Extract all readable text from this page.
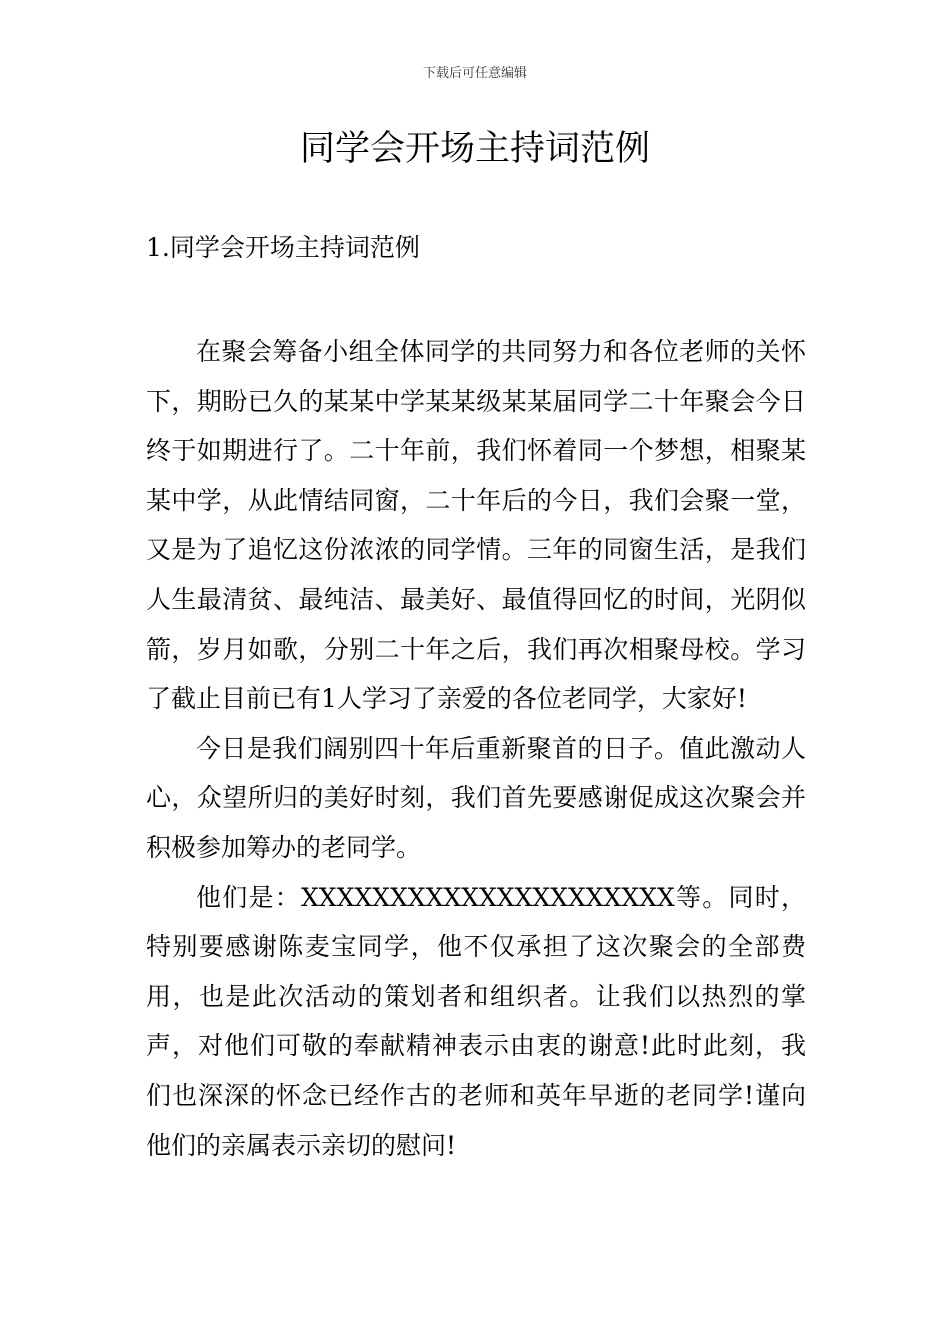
下载后可任意编辑
同学会开场主持词范例
1.同学会开场主持词范例

在聚会筹备小组全体同学的共同努力和各位老师的关怀下，期盼已久的某某中学某某级某某届同学二十年聚会今日终于如期进行了。二十年前，我们怀着同一个梦想，相聚某某中学，从此情结同窗，二十年后的今日，我们会聚一堂，又是为了追忆这份浓浓的同学情。三年的同窗生活，是我们人生最清贫、最纯洁、最美好、最值得回忆的时间，光阴似箭，岁月如歌，分别二十年之后，我们再次相聚母校。学习了截止目前已有1人学习了亲爱的各位老同学，大家好!

今日是我们阔别四十年后重新聚首的日子。值此激动人心，众望所归的美好时刻，我们首先要感谢促成这次聚会并积极参加筹办的老同学。

他们是：XXXXXXXXXXXXXXXXXXXXX等。同时，特别要感谢陈麦宝同学，他不仅承担了这次聚会的全部费用，也是此次活动的策划者和组织者。让我们以热烈的掌声，对他们可敬的奉献精神表示由衷的谢意!此时此刻，我们也深深的怀念已经作古的老师和英年早逝的老同学!谨向他们的亲属表示亲切的慰问!
